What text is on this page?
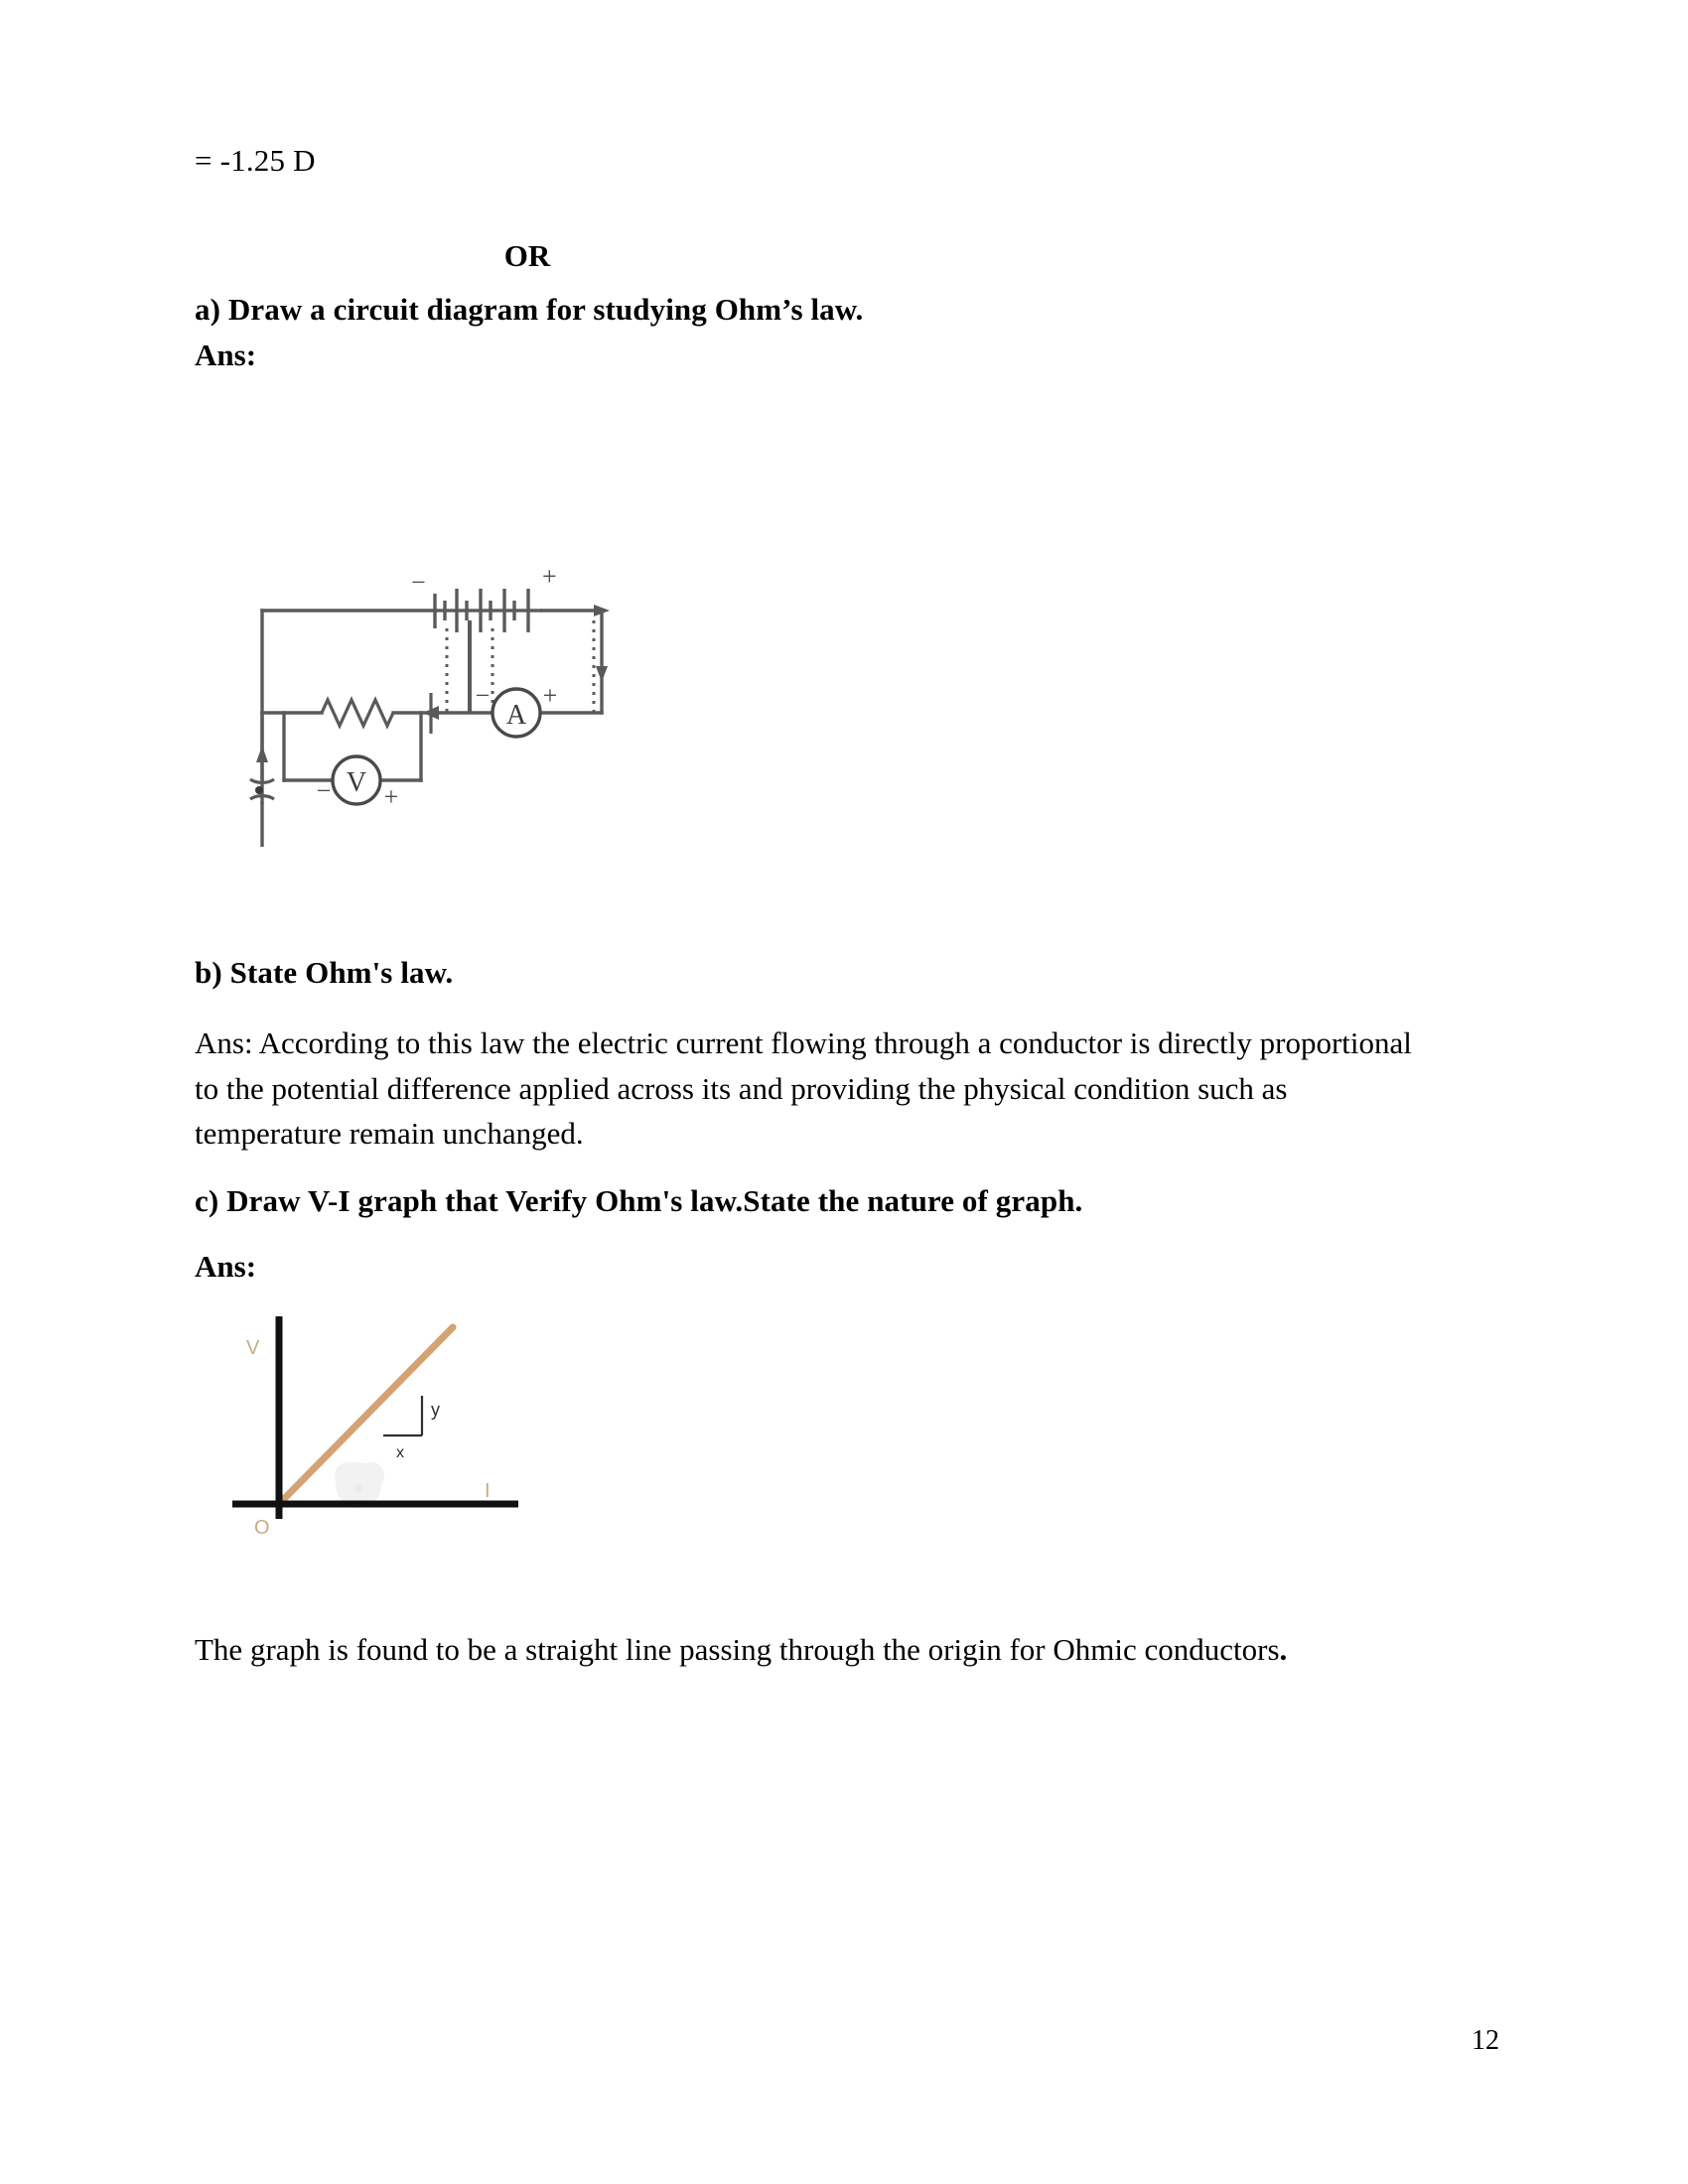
= -1.25 D
OR
a) Draw a circuit diagram for studying Ohm’s law.
Ans:
−	+
A
− +
V
− +
b) State Ohm's law.
Ans: According to this law the electric current flowing through a conductor is directly proportional to the potential difference applied across its and providing the physical condition such as temperature remain unchanged.
c) Draw V-I graph that Verify Ohm's law.State the nature of graph.
Ans:
●
y
x
V
I
O
The graph is found to be a straight line passing through the origin for Ohmic conductors.
12
